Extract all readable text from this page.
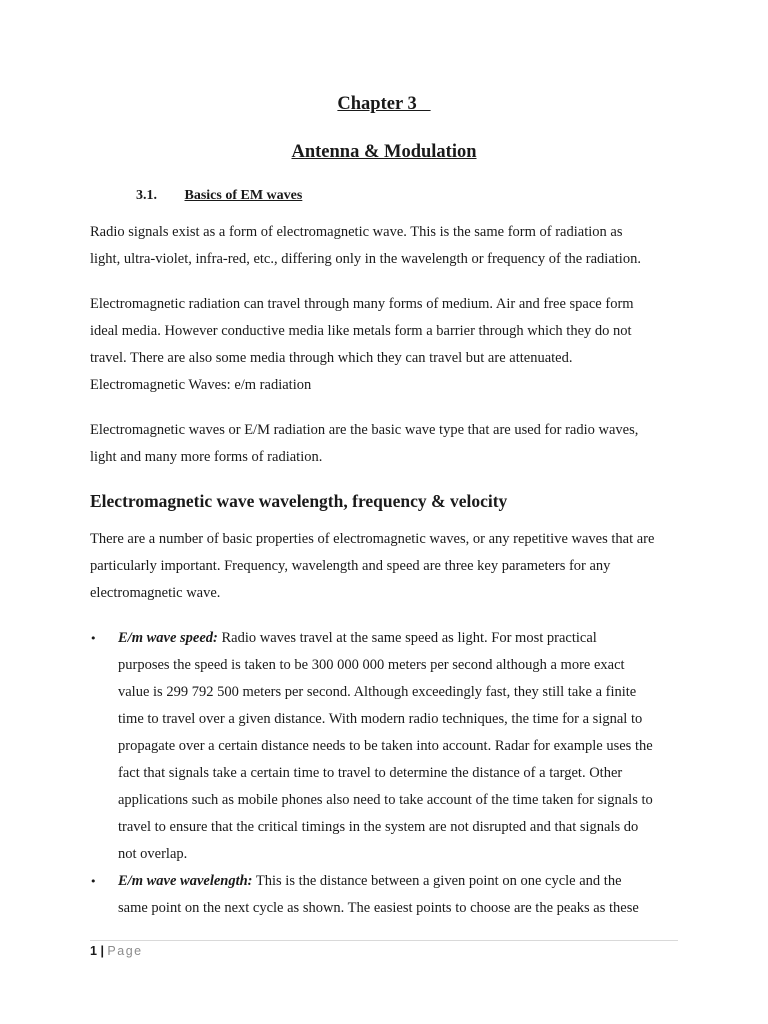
Chapter 3
Antenna & Modulation
3.1. Basics of EM waves

Radio signals exist as a form of electromagnetic wave. This is the same form of radiation as
light, ultra-violet, infra-red, etc., differing only in the wavelength or frequency of the radiation.

Electromagnetic radiation can travel through many forms of medium. Air and free space form
ideal media. However conductive media like metals form a barrier through which they do not
travel. There are also some media through which they can travel but are attenuated.
Electromagnetic Waves: e/m radiation

Electromagnetic waves or E/M radiation are the basic wave type that are used for radio waves,
light and many more forms of radiation.

Electromagnetic wave wavelength, frequency & velocity

There are a number of basic properties of electromagnetic waves, or any repetitive waves that are
particularly important. Frequency, wavelength and speed are three key parameters for any
electromagnetic wave.

• E/m wave speed: Radio waves travel at the same speed as light. For most practical
purposes the speed is taken to be 300 000 000 meters per second although a more exact
value is 299 792 500 meters per second. Although exceedingly fast, they still take a finite
time to travel over a given distance. With modern radio techniques, the time for a signal to
propagate over a certain distance needs to be taken into account. Radar for example uses the
fact that signals take a certain time to travel to determine the distance of a target. Other
applications such as mobile phones also need to take account of the time taken for signals to
travel to ensure that the critical timings in the system are not disrupted and that signals do
not overlap.
• E/m wave wavelength: This is the distance between a given point on one cycle and the
same point on the next cycle as shown. The easiest points to choose are the peaks as these
1 | Page
